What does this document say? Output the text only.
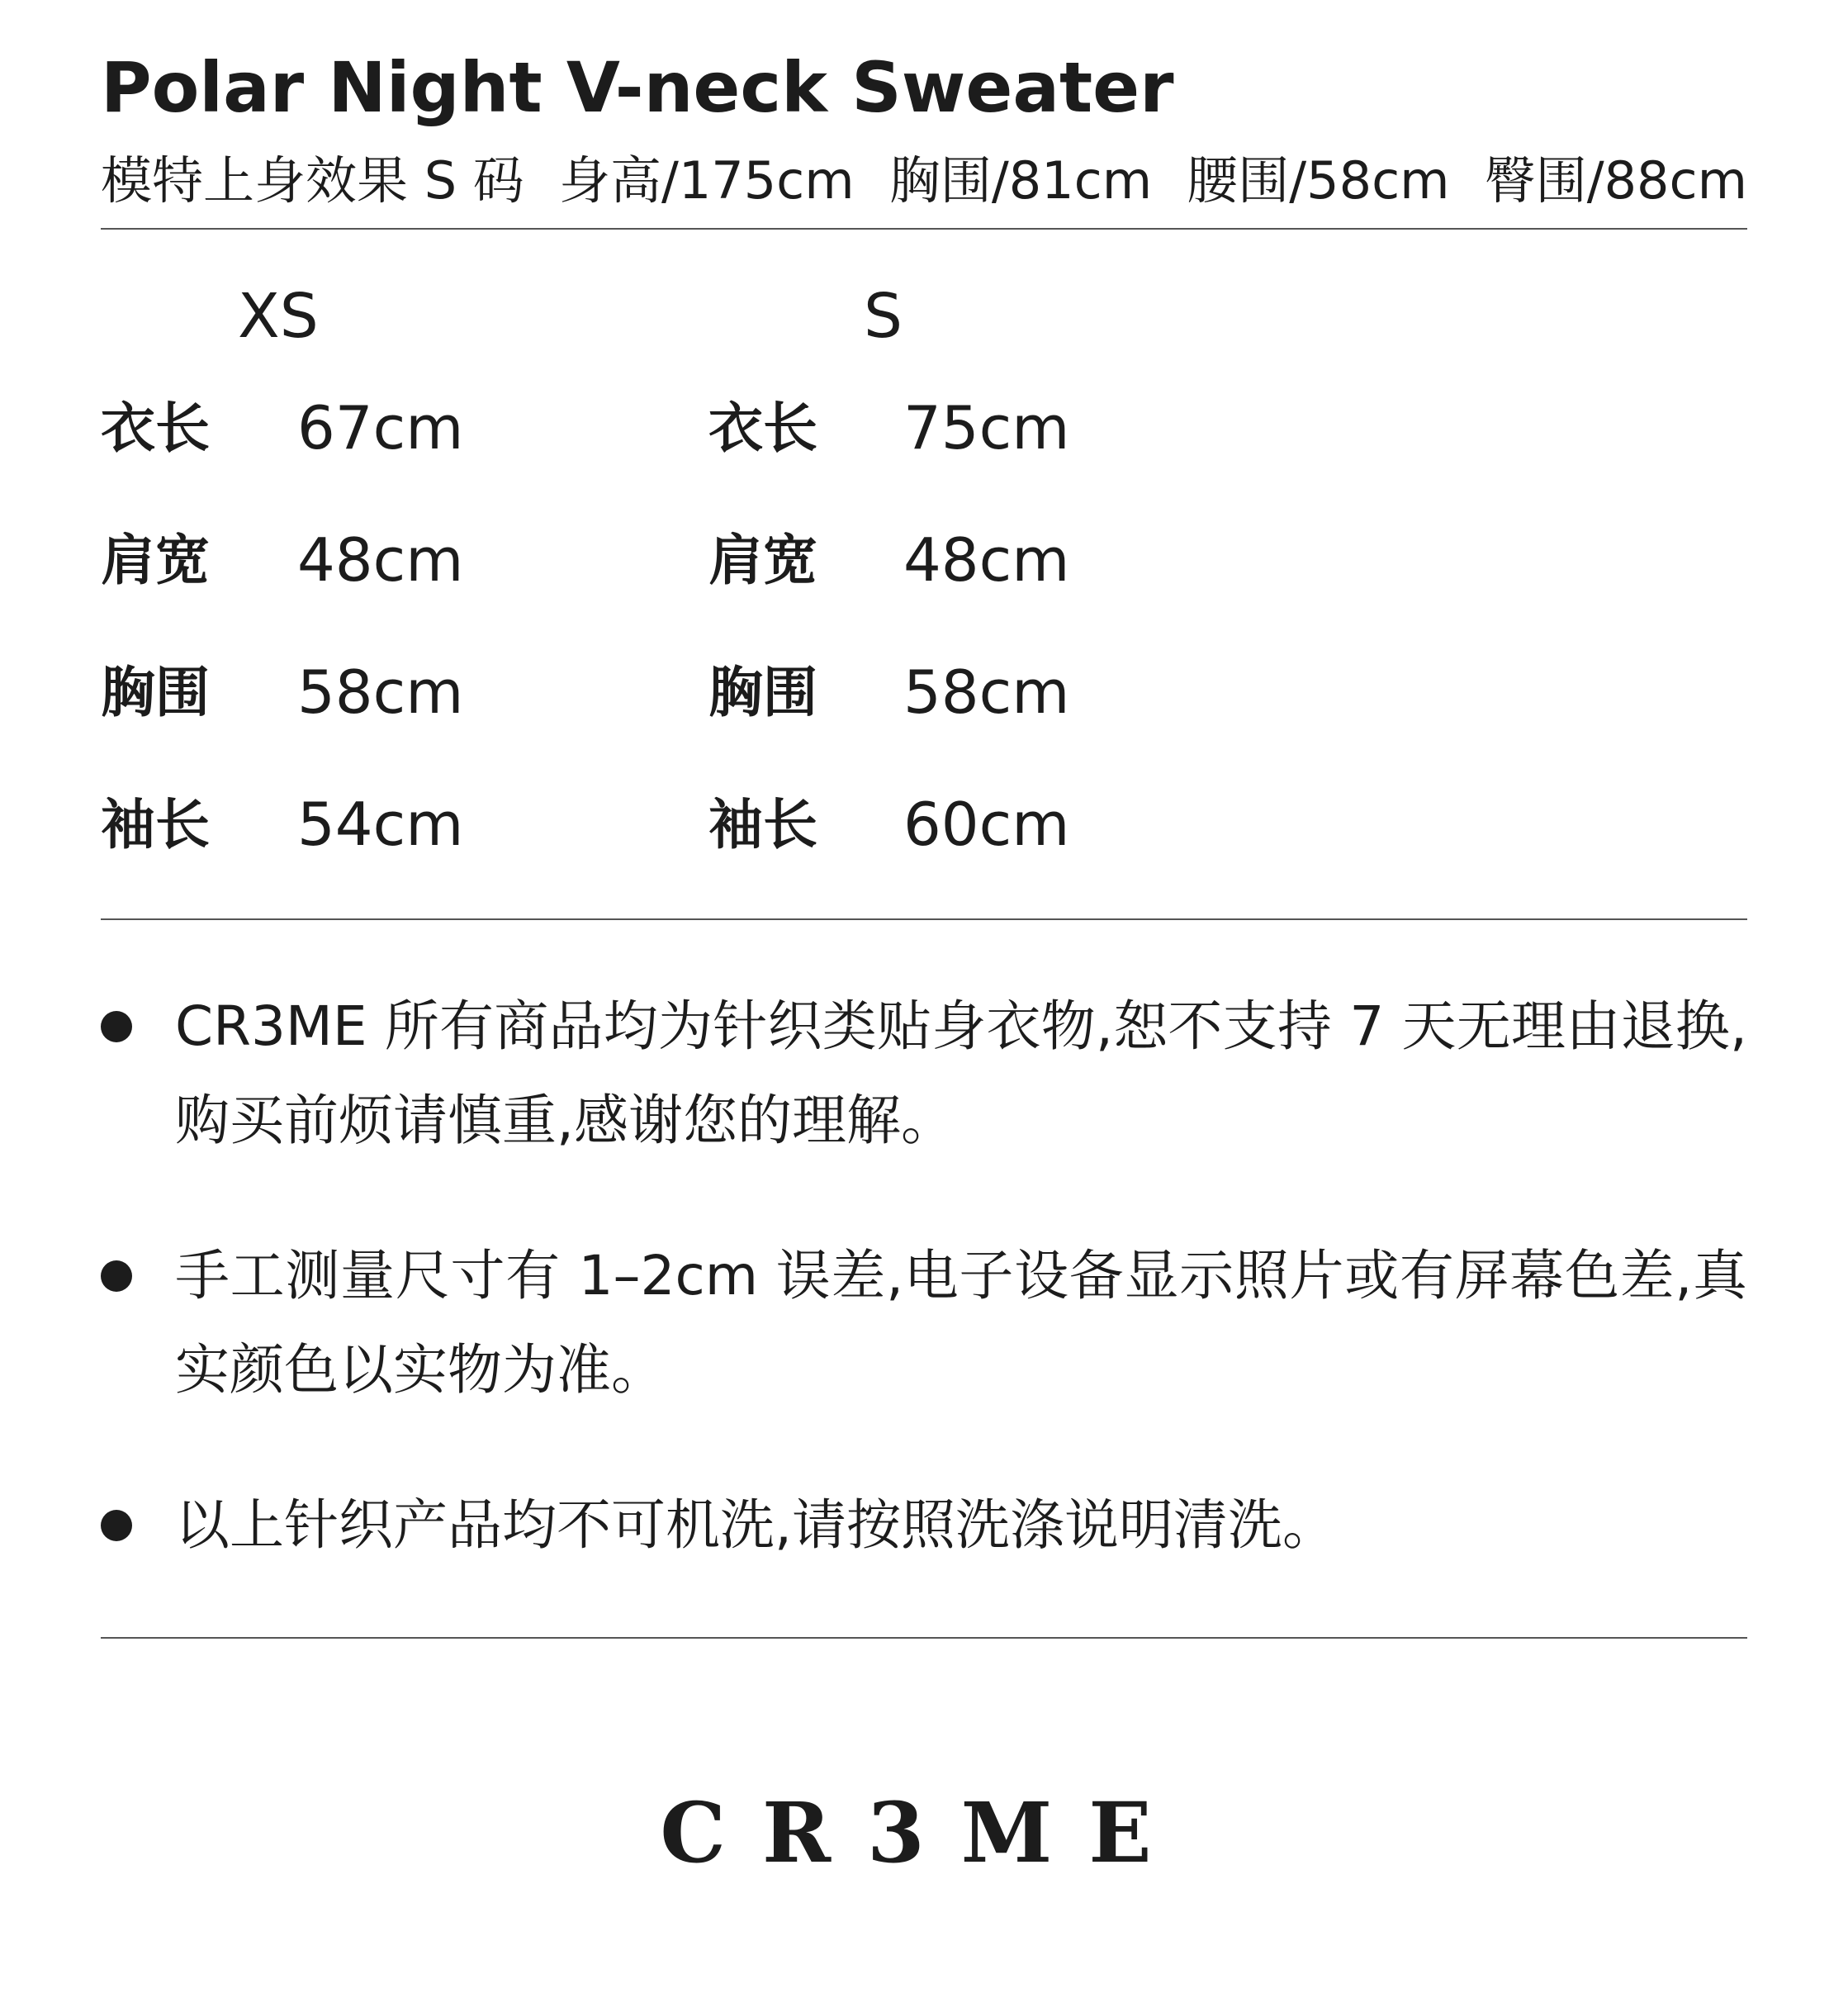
Polar Night V-neck Sweater
模特上身效果 S 码 身高/175cm 胸围/81cm 腰围/58cm 臀围/88cm
XS
衣长 67cm
肩宽 48cm
胸围 58cm
袖长 54cm
S
衣长 75cm
肩宽 48cm
胸围 58cm
袖长 60cm
CR3ME 所有商品均为针织类贴身衣物,恕不支持 7 天无理由退换,购买前烦请慎重,感谢您的理解。
手工测量尺寸有 1–2cm 误差,电子设备显示照片或有屏幕色差,真实颜色以实物为准。
以上针织产品均不可机洗,请按照洗涤说明清洗。
CR3ME
